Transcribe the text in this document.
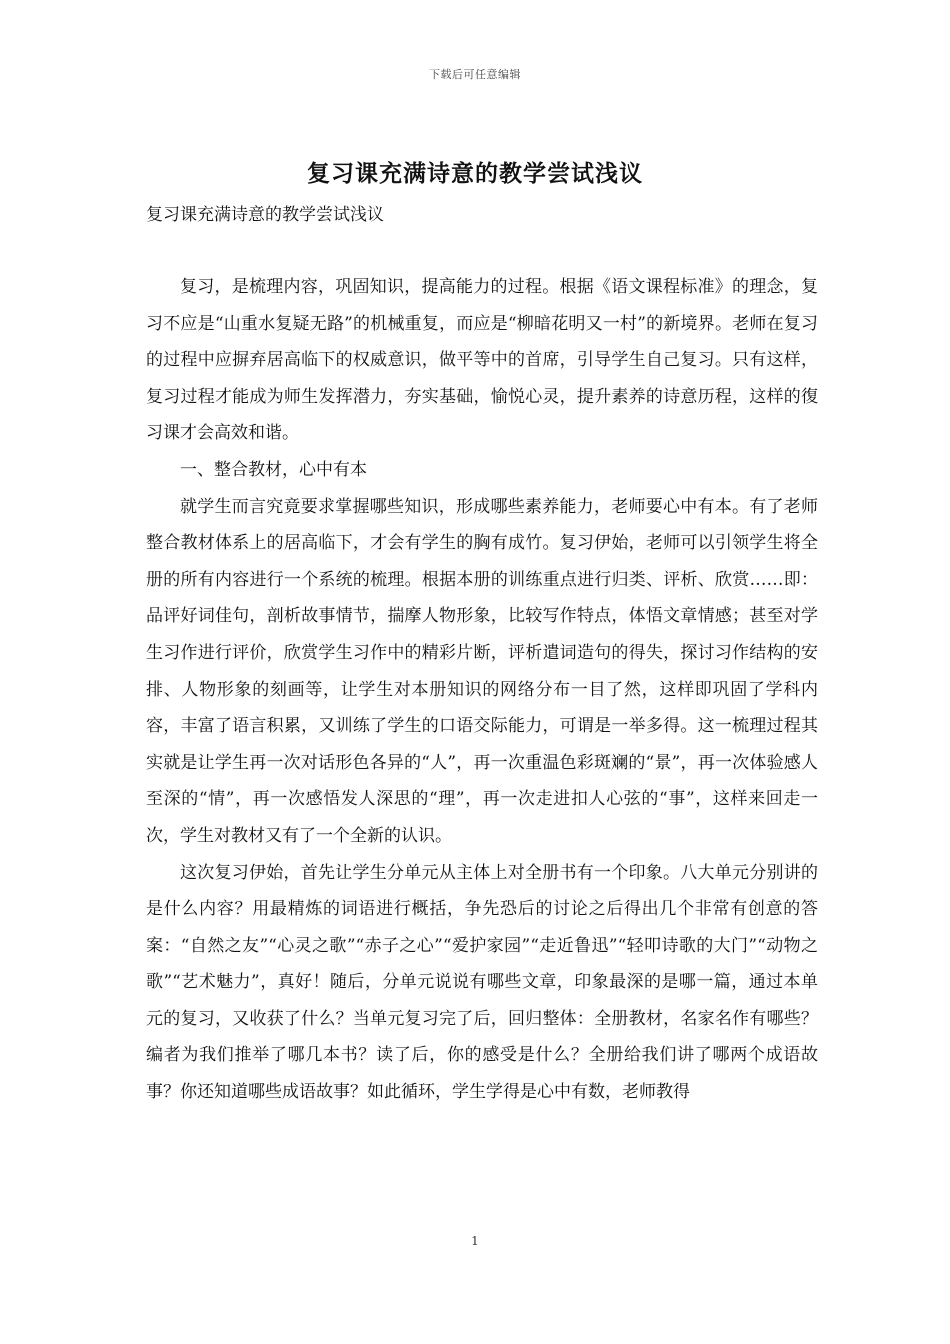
下载后可任意编辑
复习课充满诗意的教学尝试浅议
复习课充满诗意的教学尝试浅议

复习，是梳理内容，巩固知识，提高能力的过程。根据《语文课程标准》的理念，复习不应是“山重水复疑无路”的机械重复，而应是“柳暗花明又一村”的新境界。老师在复习的过程中应摒弃居高临下的权威意识，做平等中的首席，引导学生自己复习。只有这样，复习过程才能成为师生发挥潜力，夯实基础，愉悦心灵，提升素养的诗意历程，这样的復习课才会高效和谐。

一、整合教材，心中有本

就学生而言究竟要求掌握哪些知识，形成哪些素养能力，老师要心中有本。有了老师整合教材体系上的居高临下，才会有学生的胸有成竹。复习伊始，老师可以引领学生将全册的所有内容进行一个系统的梳理。根据本册的训练重点进行归类、评析、欣赏……即：品评好词佳句，剖析故事情节，揣摩人物形象，比较写作特点，体悟文章情感；甚至对学生习作进行评价，欣赏学生习作中的精彩片断，评析遣词造句的得失，探讨习作结构的安排、人物形象的刻画等，让学生对本册知识的网络分布一目了然，这样即巩固了学科内容，丰富了语言积累，又训练了学生的口语交际能力，可谓是一举多得。这一梳理过程其实就是让学生再一次对话形色各异的“人”，再一次重温色彩斑斓的“景”，再一次体验感人至深的“情”，再一次感悟发人深思的“理”，再一次走进扣人心弦的“事”，这样来回走一次，学生对教材又有了一个全新的认识。

这次复习伊始，首先让学生分单元从主体上对全册书有一个印象。八大单元分别讲的是什么内容？用最精炼的词语进行概括，争先恐后的讨论之后得出几个非常有创意的答案：“自然之友”“心灵之歌”“赤子之心”“爱护家园”“走近鲁迅”“轻叩诗歌的大门”“动物之歌”“艺术魅力”，真好！随后，分单元说说有哪些文章，印象最深的是哪一篇，通过本单元的复习，又收获了什么？当单元复习完了后，回归整体：全册教材，名家名作有哪些？编者为我们推举了哪几本书？读了后，你的感受是什么？全册给我们讲了哪两个成语故事？你还知道哪些成语故事？如此循环，学生学得是心中有数，老师教得

1
